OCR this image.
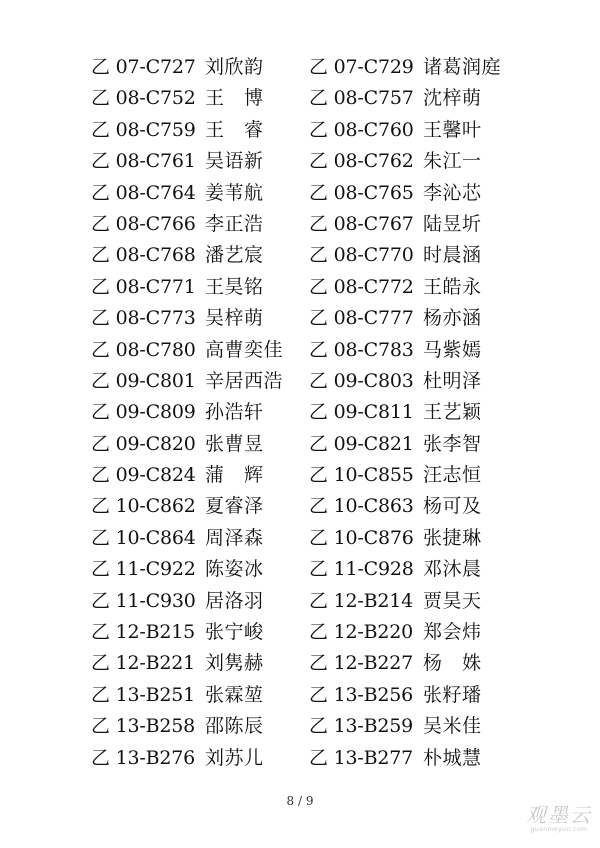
乙 07-C727 刘欣韵 乙 07-C729 诸葛润庭
乙 08-C752 王　博 乙 08-C757 沈梓萌
乙 08-C759 王　睿 乙 08-C760 王馨叶
乙 08-C761 吴语新 乙 08-C762 朱江一
乙 08-C764 姜苇航 乙 08-C765 李沁芯
乙 08-C766 李正浩 乙 08-C767 陆昱圻
乙 08-C768 潘艺宸 乙 08-C770 时晨涵
乙 08-C771 王昊铭 乙 08-C772 王皓永
乙 08-C773 吴梓萌 乙 08-C777 杨亦涵
乙 08-C780 高曹奕佳 乙 08-C783 马紫嫣
乙 09-C801 辛居西浩 乙 09-C803 杜明泽
乙 09-C809 孙浩轩 乙 09-C811 王艺颖
乙 09-C820 张曹昱 乙 09-C821 张李智
乙 09-C824 蒲　辉 乙 10-C855 汪志恒
乙 10-C862 夏睿泽 乙 10-C863 杨可及
乙 10-C864 周泽森 乙 10-C876 张捷琳
乙 11-C922 陈姿冰 乙 11-C928 邓沐晨
乙 11-C930 居洛羽 乙 12-B214 贾昊天
乙 12-B215 张宁峻 乙 12-B220 郑会炜
乙 12-B221 刘隽赫 乙 12-B227 杨　姝
乙 13-B251 张霖堃 乙 13-B256 张籽璠
乙 13-B258 邵陈辰 乙 13-B259 吴米佳
乙 13-B276 刘苏儿 乙 13-B277 朴城慧
8 / 9
观墨云
guanmoyun.com
